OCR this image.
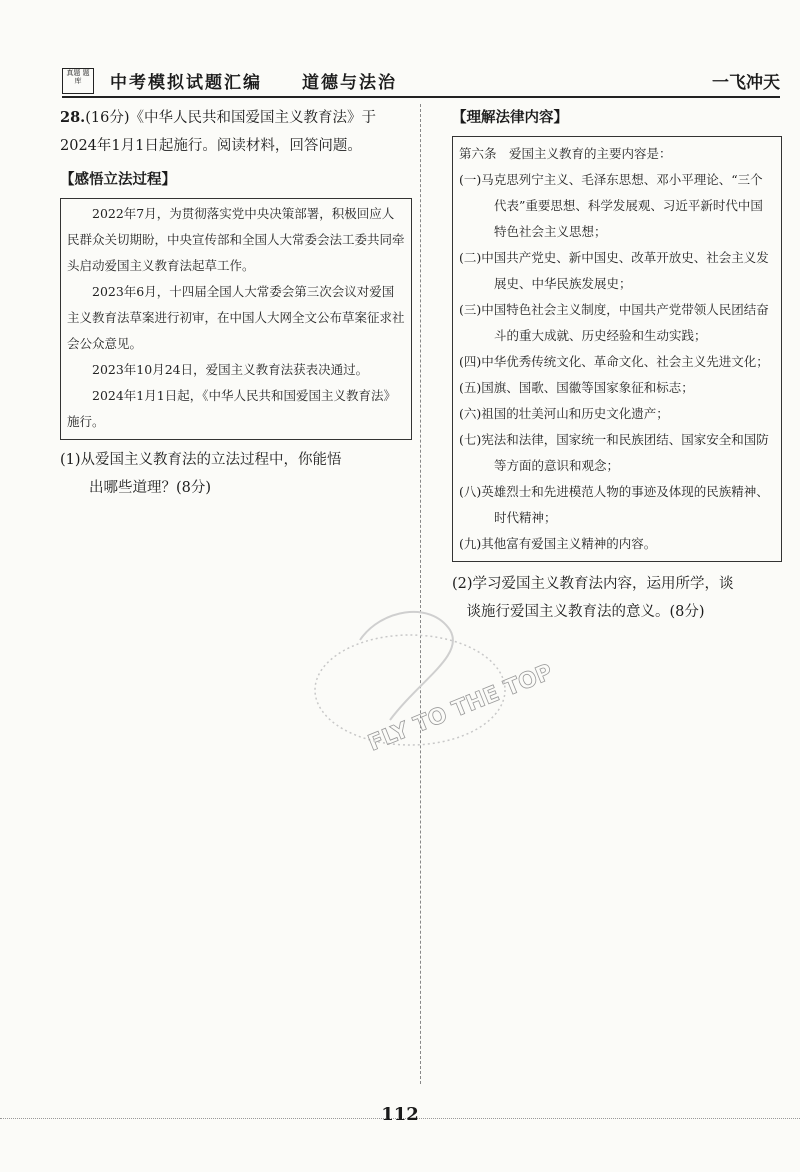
真题 题库	中考模拟试题汇编 道德与法治	一飞冲天
28.(16分)《中华人民共和国爱国主义教育法》于2024年1月1日起施行。阅读材料，回答问题。
【感悟立法过程】

2022年7月，为贯彻落实党中央决策部署，积极回应人民群众关切期盼，中央宣传部和全国人大常委会法工委共同牵头启动爱国主义教育法起草工作。

2023年6月，十四届全国人大常委会第三次会议对爱国主义教育法草案进行初审，在中国人大网全文公布草案征求社会公众意见。

2023年10月24日，爱国主义教育法获表决通过。

2024年1月1日起，《中华人民共和国爱国主义教育法》施行。

(1)从爱国主义教育法的立法过程中，你能悟
出哪些道理？(8分)
【理解法律内容】

第六条　爱国主义教育的主要内容是：

(一)马克思列宁主义、毛泽东思想、邓小平理论、“三个代表”重要思想、科学发展观、习近平新时代中国特色社会主义思想；

(二)中国共产党史、新中国史、改革开放史、社会主义发展史、中华民族发展史；

(三)中国特色社会主义制度，中国共产党带领人民团结奋斗的重大成就、历史经验和生动实践；

(四)中华优秀传统文化、革命文化、社会主义先进文化；

(五)国旗、国歌、国徽等国家象征和标志；

(六)祖国的壮美河山和历史文化遗产；

(七)宪法和法律，国家统一和民族团结、国家安全和国防等方面的意识和观念；

(八)英雄烈士和先进模范人物的事迹及体现的民族精神、时代精神；

(九)其他富有爱国主义精神的内容。

(2)学习爱国主义教育法内容，运用所学，谈
谈施行爱国主义教育法的意义。(8分)
FLY TO THE TOP
112
